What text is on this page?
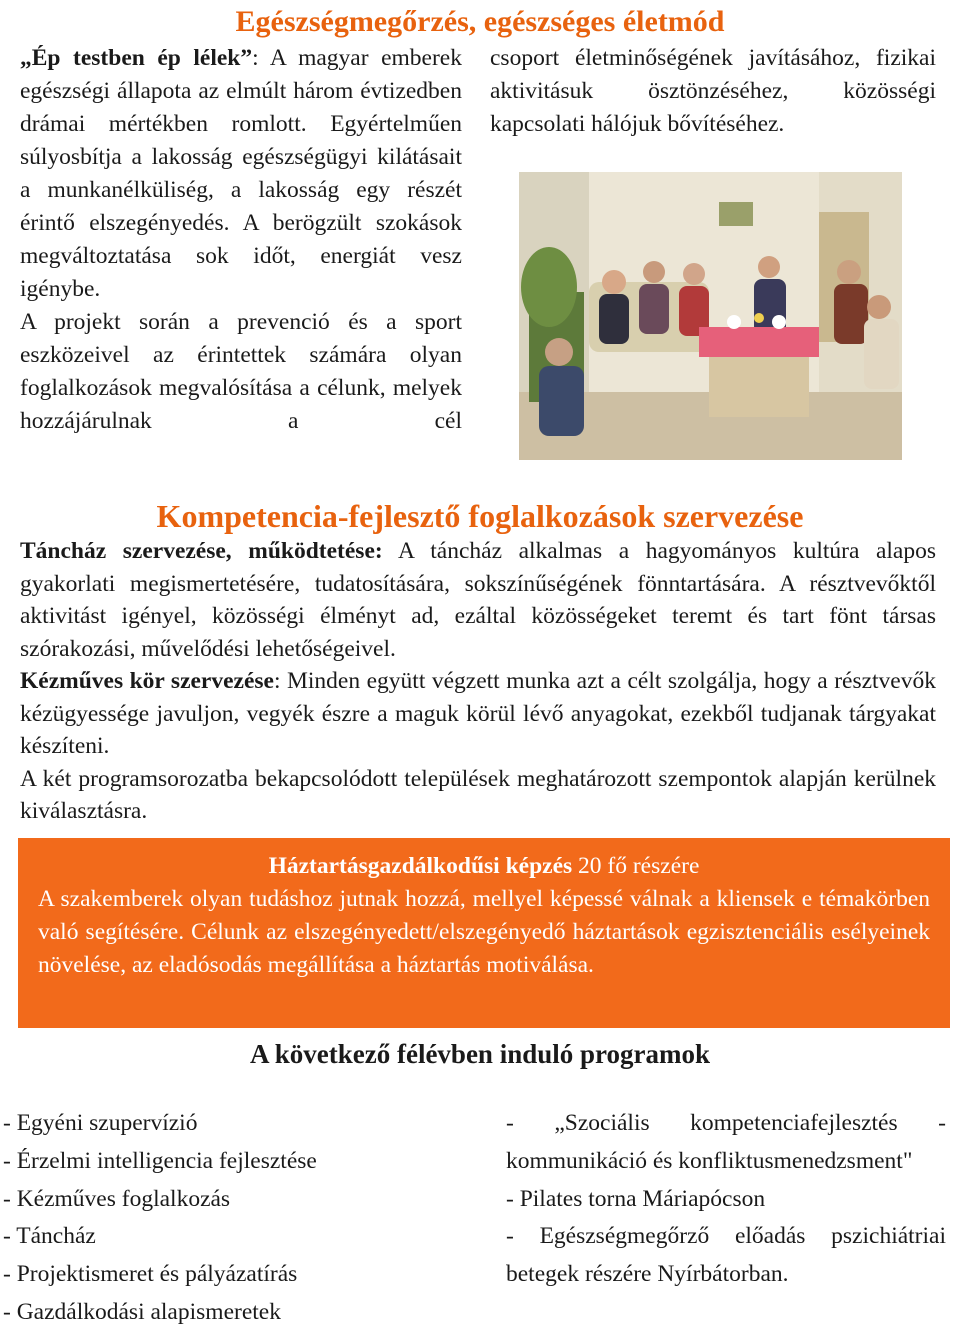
Egészségmegőrzés, egészséges életmód

„Ép testben ép lélek”: A magyar emberek egészségi állapota az elmúlt három évtizedben drámai mértékben romlott. Egyértelműen súlyosbítja a lakosság egészségügyi kilátásait a munkanélküliség, a lakosság egy részét érintő elszegényedés. A berögzült szokások megváltoztatása sok időt, energiát vesz igénybe.

A projekt során a prevenció és a sport eszközeivel az érintettek számára olyan foglalkozások megvalósítása a célunk, melyek hozzájárulnak a cél

csoport életminőségének javításához, fizikai aktivitásuk ösztönzéséhez, közösségi kapcsolati hálójuk bővítéséhez.

Kompetencia-fejlesztő foglalkozások szervezése

Táncház szervezése, működtetése: A táncház alkalmas a hagyományos kultúra alapos gyakorlati megismertetésére, tudatosítására, sokszínűségének fönntartására. A résztvevőktől aktivitást igényel, közösségi élményt ad, ezáltal közösségeket teremt és tart fönt társas szórakozási, művelődési lehetőségeivel.

Kézműves kör szervezése: Minden együtt végzett munka azt a célt szolgálja, hogy a résztvevők kézügyessége javuljon, vegyék észre a maguk körül lévő anyagokat, ezekből tudjanak tárgyakat készíteni.

A két programsorozatba bekapcsolódott települések meghatározott szempontok alapján kerülnek kiválasztásra.

Háztartásgazdálkodűsi képzés 20 fő részére
A szakemberek olyan tudáshoz jutnak hozzá, mellyel képessé válnak a kliensek e témakörben való segítésére. Célunk az elszegényedett/elszegényedő háztartások egzisztenciális esélyeinek növelése, az eladósodás megállítása a háztartás motiválása.
A következő félévben induló programok
- Egyéni szupervízió
- Érzelmi intelligencia fejlesztése
- Kézműves foglalkozás
- Táncház
- Projektismeret és pályázatírás
- Gazdálkodási alapismeretek
- „Szociális kompetenciafejlesztés - kommunikáció és konfliktusmenedzsment"
- Pilates torna Máriapócson
- Egészségmegőrző előadás pszichiátriai betegek részére Nyírbátorban.
